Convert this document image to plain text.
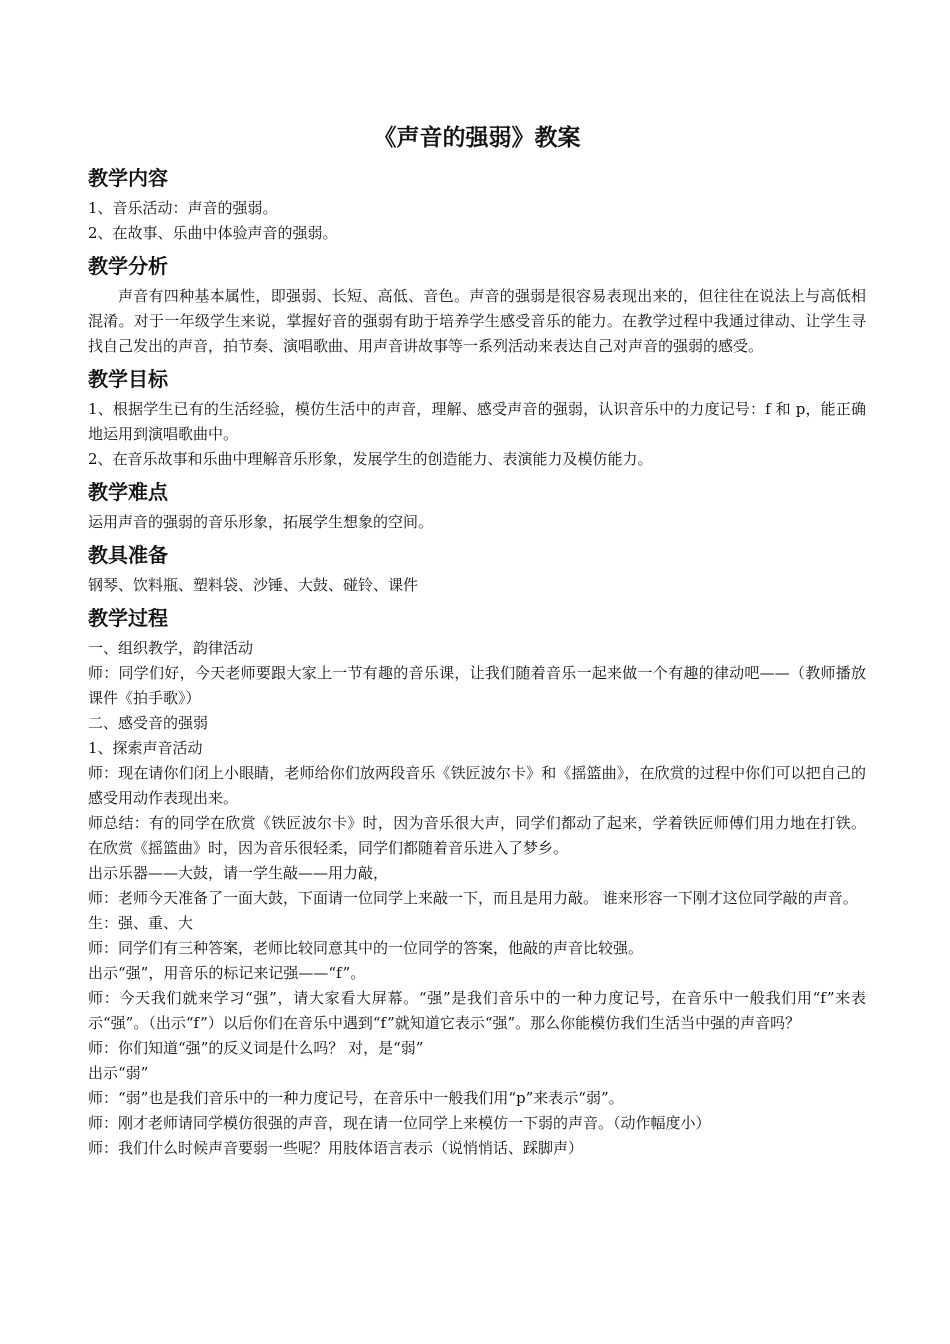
《声音的强弱》教案
教学内容

1、音乐活动：声音的强弱。

2、在故事、乐曲中体验声音的强弱。

教学分析

声音有四种基本属性，即强弱、长短、高低、音色。声音的强弱是很容易表现出来的，但往往在说法上与高低相混淆。对于一年级学生来说，掌握好音的强弱有助于培养学生感受音乐的能力。在教学过程中我通过律动、让学生寻找自己发出的声音，拍节奏、演唱歌曲、用声音讲故事等一系列活动来表达自己对声音的强弱的感受。

教学目标

1、根据学生已有的生活经验，模仿生活中的声音，理解、感受声音的强弱，认识音乐中的力度记号：f 和 p，能正确地运用到演唱歌曲中。

2、在音乐故事和乐曲中理解音乐形象，发展学生的创造能力、表演能力及模仿能力。

教学难点

运用声音的强弱的音乐形象，拓展学生想象的空间。

教具准备

钢琴、饮料瓶、塑料袋、沙锤、大鼓、碰铃、课件

教学过程

一、组织教学，韵律活动

师：同学们好，今天老师要跟大家上一节有趣的音乐课，让我们随着音乐一起来做一个有趣的律动吧——（教师播放课件《拍手歌》）

二、感受音的强弱

1、探索声音活动

师：现在请你们闭上小眼睛，老师给你们放两段音乐《铁匠波尔卡》和《摇篮曲》，在欣赏的过程中你们可以把自己的感受用动作表现出来。

师总结：有的同学在欣赏《铁匠波尔卡》时，因为音乐很大声，同学们都动了起来，学着铁匠师傅们用力地在打铁。在欣赏《摇篮曲》时，因为音乐很轻柔，同学们都随着音乐进入了梦乡。

出示乐器——大鼓，请一学生敲——用力敲，

师：老师今天准备了一面大鼓，下面请一位同学上来敲一下，而且是用力敲。 谁来形容一下刚才这位同学敲的声音。

生：强、重、大

师：同学们有三种答案，老师比较同意其中的一位同学的答案，他敲的声音比较强。

出示“强”，用音乐的标记来记强——“f”。

师：今天我们就来学习“强”，请大家看大屏幕。“强”是我们音乐中的一种力度记号，在音乐中一般我们用“f”来表示“强”。（出示“f”）以后你们在音乐中遇到“f”就知道它表示“强”。那么你能模仿我们生活当中强的声音吗？

师：你们知道“强”的反义词是什么吗？ 对，是“弱”

出示“弱”

师：“弱”也是我们音乐中的一种力度记号，在音乐中一般我们用“p”来表示“弱”。

师：刚才老师请同学模仿很强的声音，现在请一位同学上来模仿一下弱的声音。（动作幅度小）

师：我们什么时候声音要弱一些呢？用肢体语言表示（说悄悄话、踩脚声）
